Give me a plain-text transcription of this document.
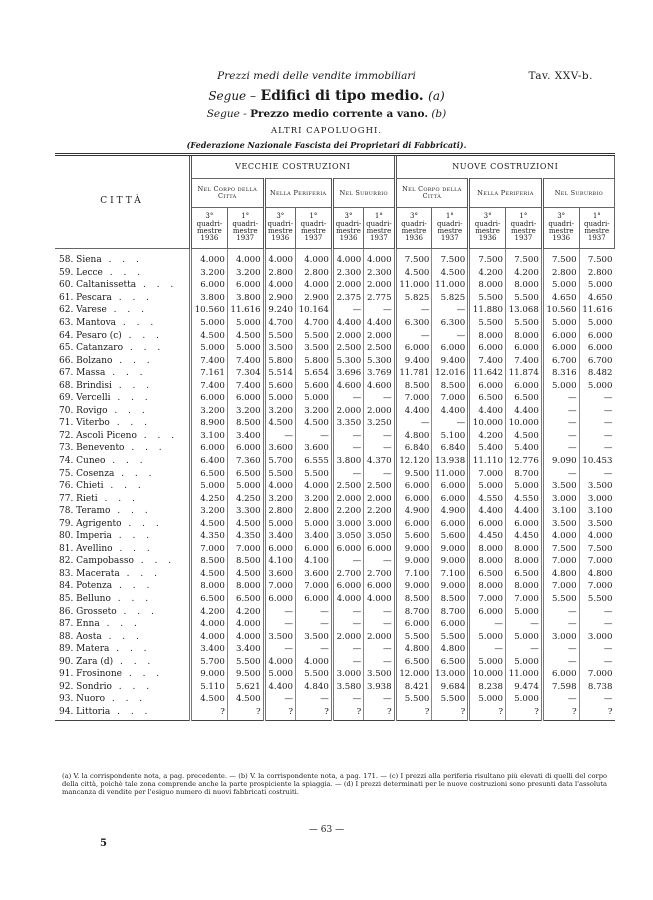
Prezzi medi delle vendite immobiliari	Tav. XXV-b.
Segue – Edifici di tipo medio. (a)
Segue - Prezzo medio corrente a vano. (b)
ALTRI CAPOLUOGHI.
(Federazione Nazionale Fascista dei Proprietari di Fabbricati).
CITTÀ	VECCHIE COSTRUZIONI						NUOVE COSTRUZIONI					
	Nel Corpo della Città		Nella Periferia		Nel Suburbio		Nel Corpo della Città		Nella Periferia		Nel Suburbio	
	3° quadri-mestre 1936	1° quadri-mestre 1937	3° quadri-mestre 1936	1° quadri-mestre 1937	3° quadri-mestre 1936	1° quadri-mestre 1937	3° quadri-mestre 1936	1° quadri-mestre 1937	3° quadri-mestre 1936	1° quadri-mestre 1937	3° quadri-mestre 1936	1° quadri-mestre 1937
58. Siena . . .	4.000	4.000	4.000	4.000	4.000	4.000	7.500	7.500	7.500	7.500	7.500	7.500
59. Lecce . . .	3.200	3.200	2.800	2.800	2.300	2.300	4.500	4.500	4.200	4.200	2.800	2.800
60. Caltanissetta . . .	6.000	6.000	4.000	4.000	2.000	2.000	11.000	11.000	8.000	8.000	5.000	5.000
61. Pescara . . .	3.800	3.800	2.900	2.900	2.375	2.775	5.825	5.825	5.500	5.500	4.650	4.650
62. Varese . . .	10.560	11.616	9.240	10.164	—	—	—	—	11.880	13.068	10.560	11.616
63. Mantova . . .	5.000	5.000	4.700	4.700	4.400	4.400	6.300	6.300	5.500	5.500	5.000	5.000
64. Pesaro (c) . . .	4.500	4.500	5.500	5.500	2.000	2.000	—	—	8.000	8.000	6.000	6.000
65. Catanzaro . . .	5.000	5.000	3.500	3.500	2.500	2.500	6.000	6.000	6.000	6.000	6.000	6.000
66. Bolzano . . .	7.400	7.400	5.800	5.800	5.300	5.300	9.400	9.400	7.400	7.400	6.700	6.700
67. Massa . . .	7.161	7.304	5.514	5.654	3.696	3.769	11.781	12.016	11.642	11.874	8.316	8.482
68. Brindisi . . .	7.400	7.400	5.600	5.600	4.600	4.600	8.500	8.500	6.000	6.000	5.000	5.000
69. Vercelli . . .	6.000	6.000	5.000	5.000	—	—	7.000	7.000	6.500	6.500	—	—
70. Rovigo . . .	3.200	3.200	3.200	3.200	2.000	2.000	4.400	4.400	4.400	4.400	—	—
71. Viterbo . . .	8.900	8.500	4.500	4.500	3.350	3.250	—	—	10.000	10.000	—	—
72. Ascoli Piceno . . .	3.100	3.400	—	—	—	—	4.800	5.100	4.200	4.500	—	—
73. Benevento . . .	6.000	6.000	3.600	3.600	—	—	6.840	6.840	5.400	5.400	—	—
74. Cuneo . . .	6.400	7.360	5.700	6.555	3.800	4.370	12.120	13.938	11.110	12.776	9.090	10.453
75. Cosenza . . .	6.500	6.500	5.500	5.500	—	—	9.500	11.000	7.000	8.700	—	—
76. Chieti . . .	5.000	5.000	4.000	4.000	2.500	2.500	6.000	6.000	5.000	5.000	3.500	3.500
77. Rieti . . .	4.250	4.250	3.200	3.200	2.000	2.000	6.000	6.000	4.550	4.550	3.000	3.000
78. Teramo . . .	3.200	3.300	2.800	2.800	2.200	2.200	4.900	4.900	4.400	4.400	3.100	3.100
79. Agrigento . . .	4.500	4.500	5.000	5.000	3.000	3.000	6.000	6.000	6.000	6.000	3.500	3.500
80. Imperia . . .	4.350	4.350	3.400	3.400	3.050	3.050	5.600	5.600	4.450	4.450	4.000	4.000
81. Avellino . . .	7.000	7.000	6.000	6.000	6.000	6.000	9.000	9.000	8.000	8.000	7.500	7.500
82. Campobasso . . .	8.500	8.500	4.100	4.100	—	—	9.000	9.000	8.000	8.000	7.000	7.000
83. Macerata . . .	4.500	4.500	3.600	3.600	2.700	2.700	7.100	7.100	6.500	6.500	4.800	4.800
84. Potenza . . .	8.000	8.000	7.000	7.000	6.000	6.000	9.000	9.000	8.000	8.000	7.000	7.000
85. Belluno . . .	6.500	6.500	6.000	6.000	4.000	4.000	8.500	8.500	7.000	7.000	5.500	5.500
86. Grosseto . . .	4.200	4.200	—	—	—	—	8.700	8.700	6.000	5.000	—	—
87. Enna . . .	4.000	4.000	—	—	—	—	6.000	6.000	—	—	—	—
88. Aosta . . .	4.000	4.000	3.500	3.500	2.000	2.000	5.500	5.500	5.000	5.000	3.000	3.000
89. Matera . . .	3.400	3.400	—	—	—	—	4.800	4.800	—	—	—	—
90. Zara (d) . . .	5.700	5.500	4.000	4.000	—	—	6.500	6.500	5.000	5.000	—	—
91. Frosinone . . .	9.000	9.500	5.000	5.500	3.000	3.500	12.000	13.000	10.000	11.000	6.000	7.000
92. Sondrio . . .	5.110	5.621	4.400	4.840	3.580	3.938	8.421	9.684	8.238	9.474	7.598	8.738
93. Nuoro . . .	4.500	4.500	—	—	—	—	5.500	5.500	5.000	5.000	—	—
94. Littoria . . .	?	?	?	?	?	?	?	?	?	?	?	?
(a) V. la corrispondente nota, a pag. precedente. — (b) V. la corrispondente nota, a pag. 171. — (c) I prezzi alla periferia risultano più elevati di quelli del corpo della città, poichè tale zona comprende anche la parte prospiciente la spiaggia. — (d) I prezzi determinati per le nuove costruzioni sono presunti data l'assoluta mancanza di vendite per l'esiguo numero di nuovi fabbricati costruiti.
— 63 —
5
